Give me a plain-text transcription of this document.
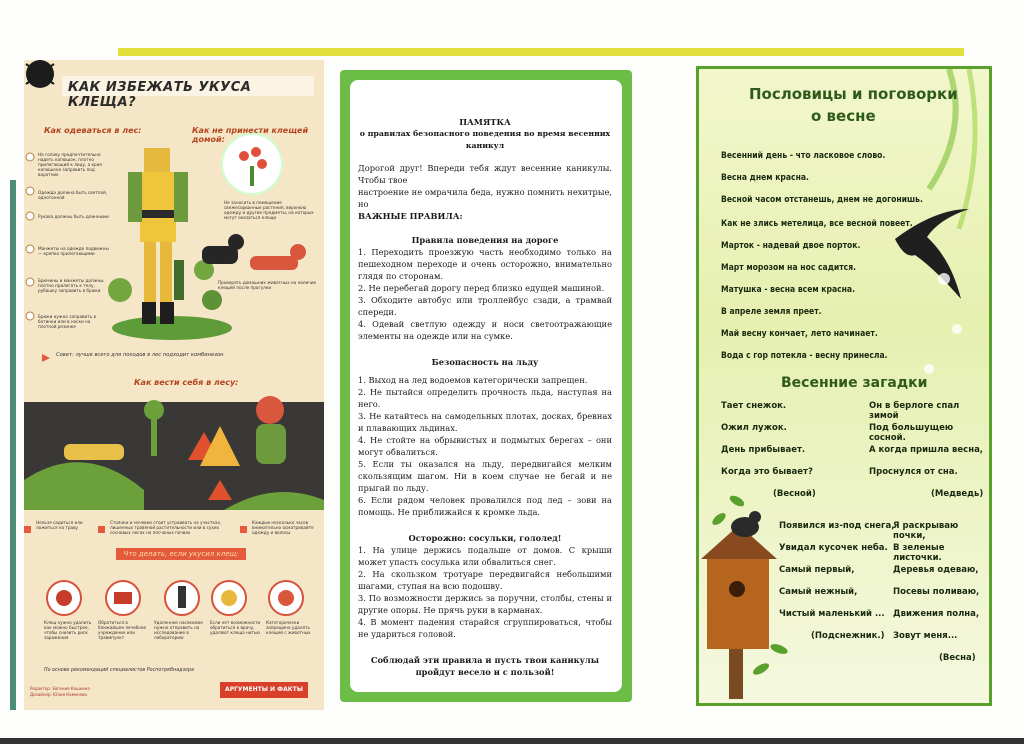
КАК ИЗБЕЖАТЬ УКУСА КЛЕЩА?
Как одеваться в лес:	Как не принести клещей домой:
На голову предпочтительно надеть капюшон, плотно прилегающий к лицу, а края капюшона заправить под воротник
Одежда должна быть светлой, однотонной
Рукава должны быть длинными
Манжеты на одежде подвижны — крепко прилегающими
Брючины и манжеты должны плотно прилегать к телу, рубашку заправить в брюки
Брюки нужно заправить в ботинки или в носки на плотной резинке
Не заносить в помещение свежесорванные растения, верхнюю одежду и другие предметы, на которых могут оказаться клещи
Проверять домашних животных на наличие клещей после прогулки
Совет: лучше всего для походов в лес подходит комбинезон
Как вести себя в лесу:
Нельзя садиться или ложиться на траву
Стоянки и ночевки стоит устраивать на участках, лишенных травяной растительности или в сухих сосновых лесах на песчаных почвах
Каждые несколько часов внимательно осматривайте одежду и волосы
Что делать, если укусил клещ:
Клещ нужно удалить как можно быстрее, чтобы снизить риск заражения
Обратиться в ближайшее лечебное учреждение или травмпункт
Удаленное насекомое нужно отправить на исследование в лабораторию
Если нет возможности обратиться к врачу, удаляют клеща нитью
Категорически запрещено удалять клещей с животных
По основе рекомендаций специалистов Роспотребнадзора
Редактор: Евгения Кошкина
Дизайнер: Юлия Каменева
АРГУМЕНТЫ И ФАКТЫ

ПАМЯТКА

о правилах безопасного поведения во время весенних каникул

Дорогой друг! Впереди тебя ждут весенние каникулы. Чтобы твое

настроение не омрачила беда, нужно помнить нехитрые, но

ВАЖНЫЕ ПРАВИЛА:

Правила поведения на дороге

1. Переходить проезжую часть необходимо только на пешеходном переходе и очень осторожно, внимательно глядя по сторонам.

2. Не перебегай дорогу перед близко едущей машиной.

3. Обходите автобус или троллейбус сзади, а трамвай спереди.

4. Одевай светлую одежду и носи светоотражающие элементы на одежде или на сумке.

Безопасность на льду

1. Выход на лед водоемов категорически запрещен.

2. Не пытайся определить прочность льда, наступая на него.

3. Не катайтесь на самодельных плотах, досках, бревнах и плавающих льдинах.

4. Не стойте на обрывистых и подмытых берегах – они могут обвалиться.

5. Если ты оказался на льду, передвигайся мелким скользящим шагом. Ни в коем случае не бегай и не прыгай по льду.

6. Если рядом человек провалился под лед – зови на помощь. Не приближайся к кромке льда.

Осторожно: сосульки, гололед!

1. На улице держись подальше от домов. С крыши может упасть сосулька или обвалиться снег.

2. На скользком тротуаре передвигайся небольшими шагами, ступая на всю подошву.

3. По возможности держись за поручни, столбы, стены и другие опоры. Не прячь руки в карманах.

4. В момент падения старайся сгруппироваться, чтобы не удариться головой.

Соблюдай эти правила и пусть твои каникулы

пройдут весело и с пользой!

Пословицы и поговорки
о весне
Весенний день - что ласковое слово.
Весна днем красна.
Весной часом отстанешь, днем не догонишь.
Как не злись метелица, все весной повеет.
Марток - надевай двое порток.
Март морозом на нос садится.
Матушка - весна всем красна.
В апреле земля преет.
Май весну кончает, лето начинает.
Вода с гор потекла - весну принесла.
Весенние загадки
Тает снежок.
Ожил лужок.
День прибывает.
Когда это бывает?
(Весной)
Он в берлоге спал зимой
Под большущею сосной.
А когда пришла весна,
Проснулся от сна.
(Медведь)
Появился из-под снега,
Увидал кусочек неба.
Самый первый,
Самый нежный,
Чистый маленький ...
(Подснежник.)
Я раскрываю почки,
В зеленые листочки.
Деревья одеваю,
Посевы поливаю,
Движения полна,
Зовут меня...
(Весна)
